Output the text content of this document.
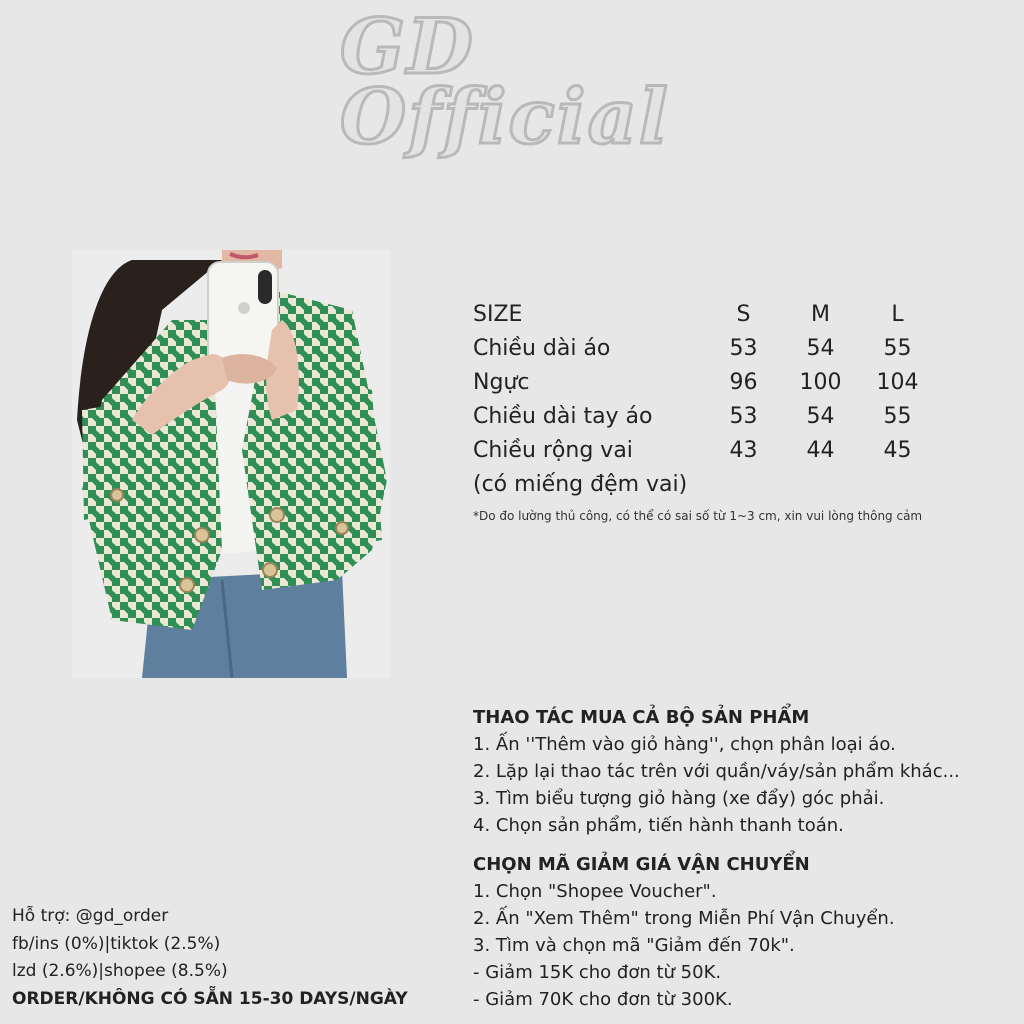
GD
Official
SIZE	S	M	L
Chiều dài áo	53	54	55
Ngực	96	100	104
Chiều dài tay áo	53	54	55
Chiều rộng vai	43	44	45
(có miếng đệm vai)
*Do đo lường thủ công, có thể có sai số từ 1~3 cm, xin vui lòng thông cảm
THAO TÁC MUA CẢ BỘ SẢN PHẨM
1. Ấn ''Thêm vào giỏ hàng'', chọn phân loại áo.
2. Lặp lại thao tác trên với quần/váy/sản phẩm khác...
3. Tìm biểu tượng giỏ hàng (xe đẩy) góc phải.
4. Chọn sản phẩm, tiến hành thanh toán.
CHỌN MÃ GIẢM GIÁ VẬN CHUYỂN
1. Chọn "Shopee Voucher".
2. Ấn "Xem Thêm" trong Miễn Phí Vận Chuyển.
3. Tìm và chọn mã "Giảm đến 70k".
- Giảm 15K cho đơn từ 50K.
- Giảm 70K cho đơn từ 300K.
Hỗ trợ: @gd_order
fb/ins (0%)|tiktok (2.5%)
lzd (2.6%)|shopee (8.5%)
ORDER/KHÔNG CÓ SẴN 15-30 DAYS/NGÀY
